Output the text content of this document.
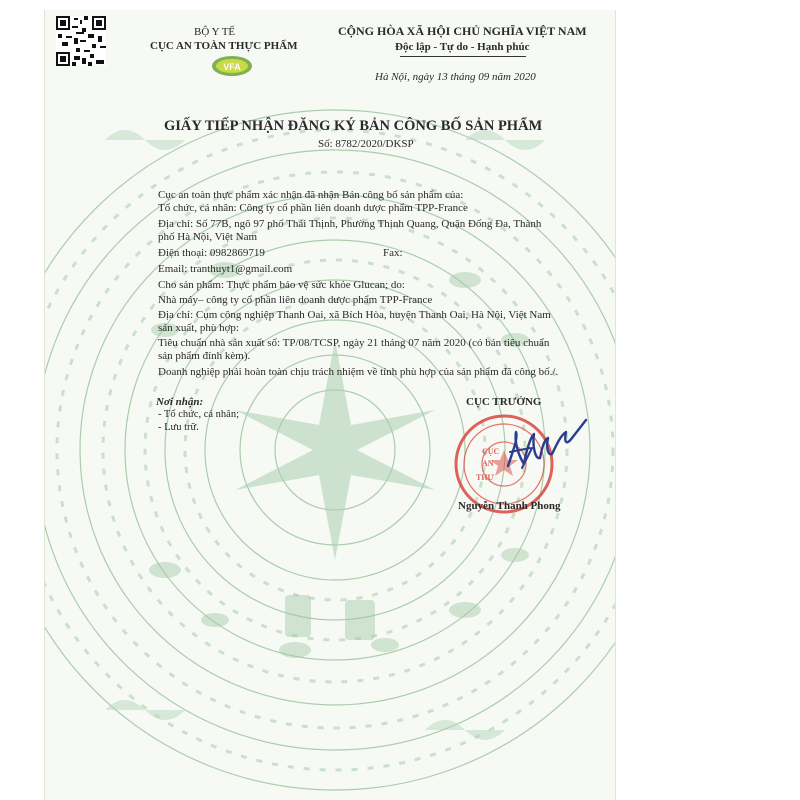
BỘ Y TẾ
CỤC AN TOÀN THỰC PHẨM
VFA
CỘNG HÒA XÃ HỘI CHỦ NGHĨA VIỆT NAM
Độc lập - Tự do - Hạnh phúc
Hà Nội, ngày 13 tháng 09 năm 2020
GIẤY TIẾP NHẬN ĐĂNG KÝ BẢN CÔNG BỐ SẢN PHẨM
Số: 8782/2020/DKSP
Cục an toàn thực phẩm xác nhận đã nhận Bản công bố sản phẩm của:
Tổ chức, cá nhân: Công ty cổ phần liên doanh dược phẩm TPP-France
Địa chỉ: Số 77B, ngõ 97 phố Thái Thịnh, Phường Thịnh Quang, Quận Đống Đa, Thành
phố Hà Nội, Việt Nam
Điện thoại: 0982869719	Fax:
Email: tranthuyt1@gmail.com
Cho sản phẩm: Thực phẩm bảo vệ sức khỏe Glucan; do:
Nhà máy– công ty cổ phần liên doanh dược phẩm TPP-France
Địa chỉ: Cụm công nghiệp Thanh Oai, xã Bích Hòa, huyện Thanh Oai, Hà Nội, Việt Nam
sản xuất, phù hợp:
Tiêu chuẩn nhà sản xuất số: TP/08/TCSP, ngày 21 tháng 07 năm 2020 (có bản tiêu chuẩn
sản phẩm đính kèm).
Doanh nghiệp phải hoàn toàn chịu trách nhiệm về tính phù hợp của sản phẩm đã công bố./.
Nơi nhận:
- Tổ chức, cá nhân;
- Lưu trữ.
CỤC TRƯỞNG
CỤC
AN
THỰ
Nguyễn Thanh Phong
